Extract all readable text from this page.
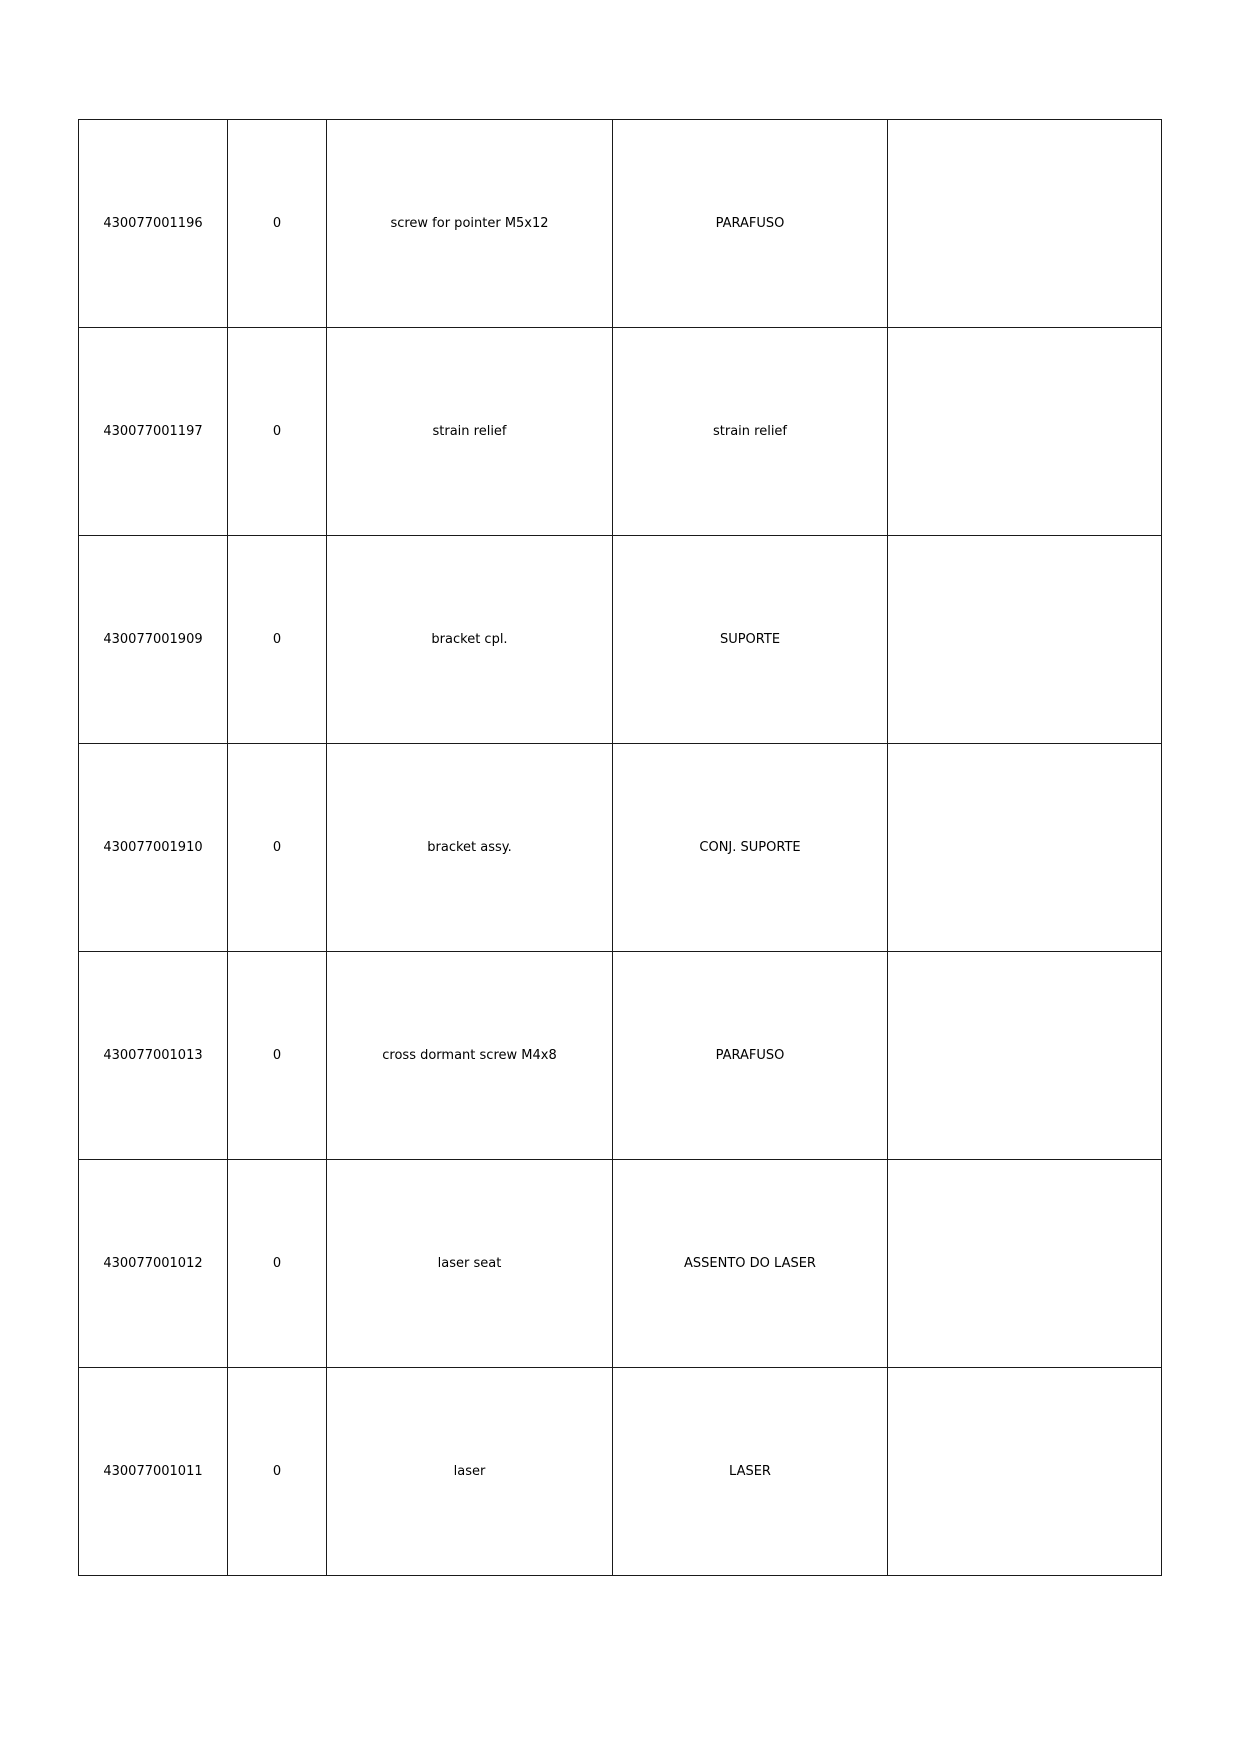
430077001196	0	screw for pointer M5x12	PARAFUSO	
430077001197	0	strain relief	strain relief	
430077001909	0	bracket cpl.	SUPORTE	
430077001910	0	bracket assy.	CONJ. SUPORTE	
430077001013	0	cross dormant screw M4x8	PARAFUSO	
430077001012	0	laser seat	ASSENTO DO LASER	
430077001011	0	laser	LASER	
